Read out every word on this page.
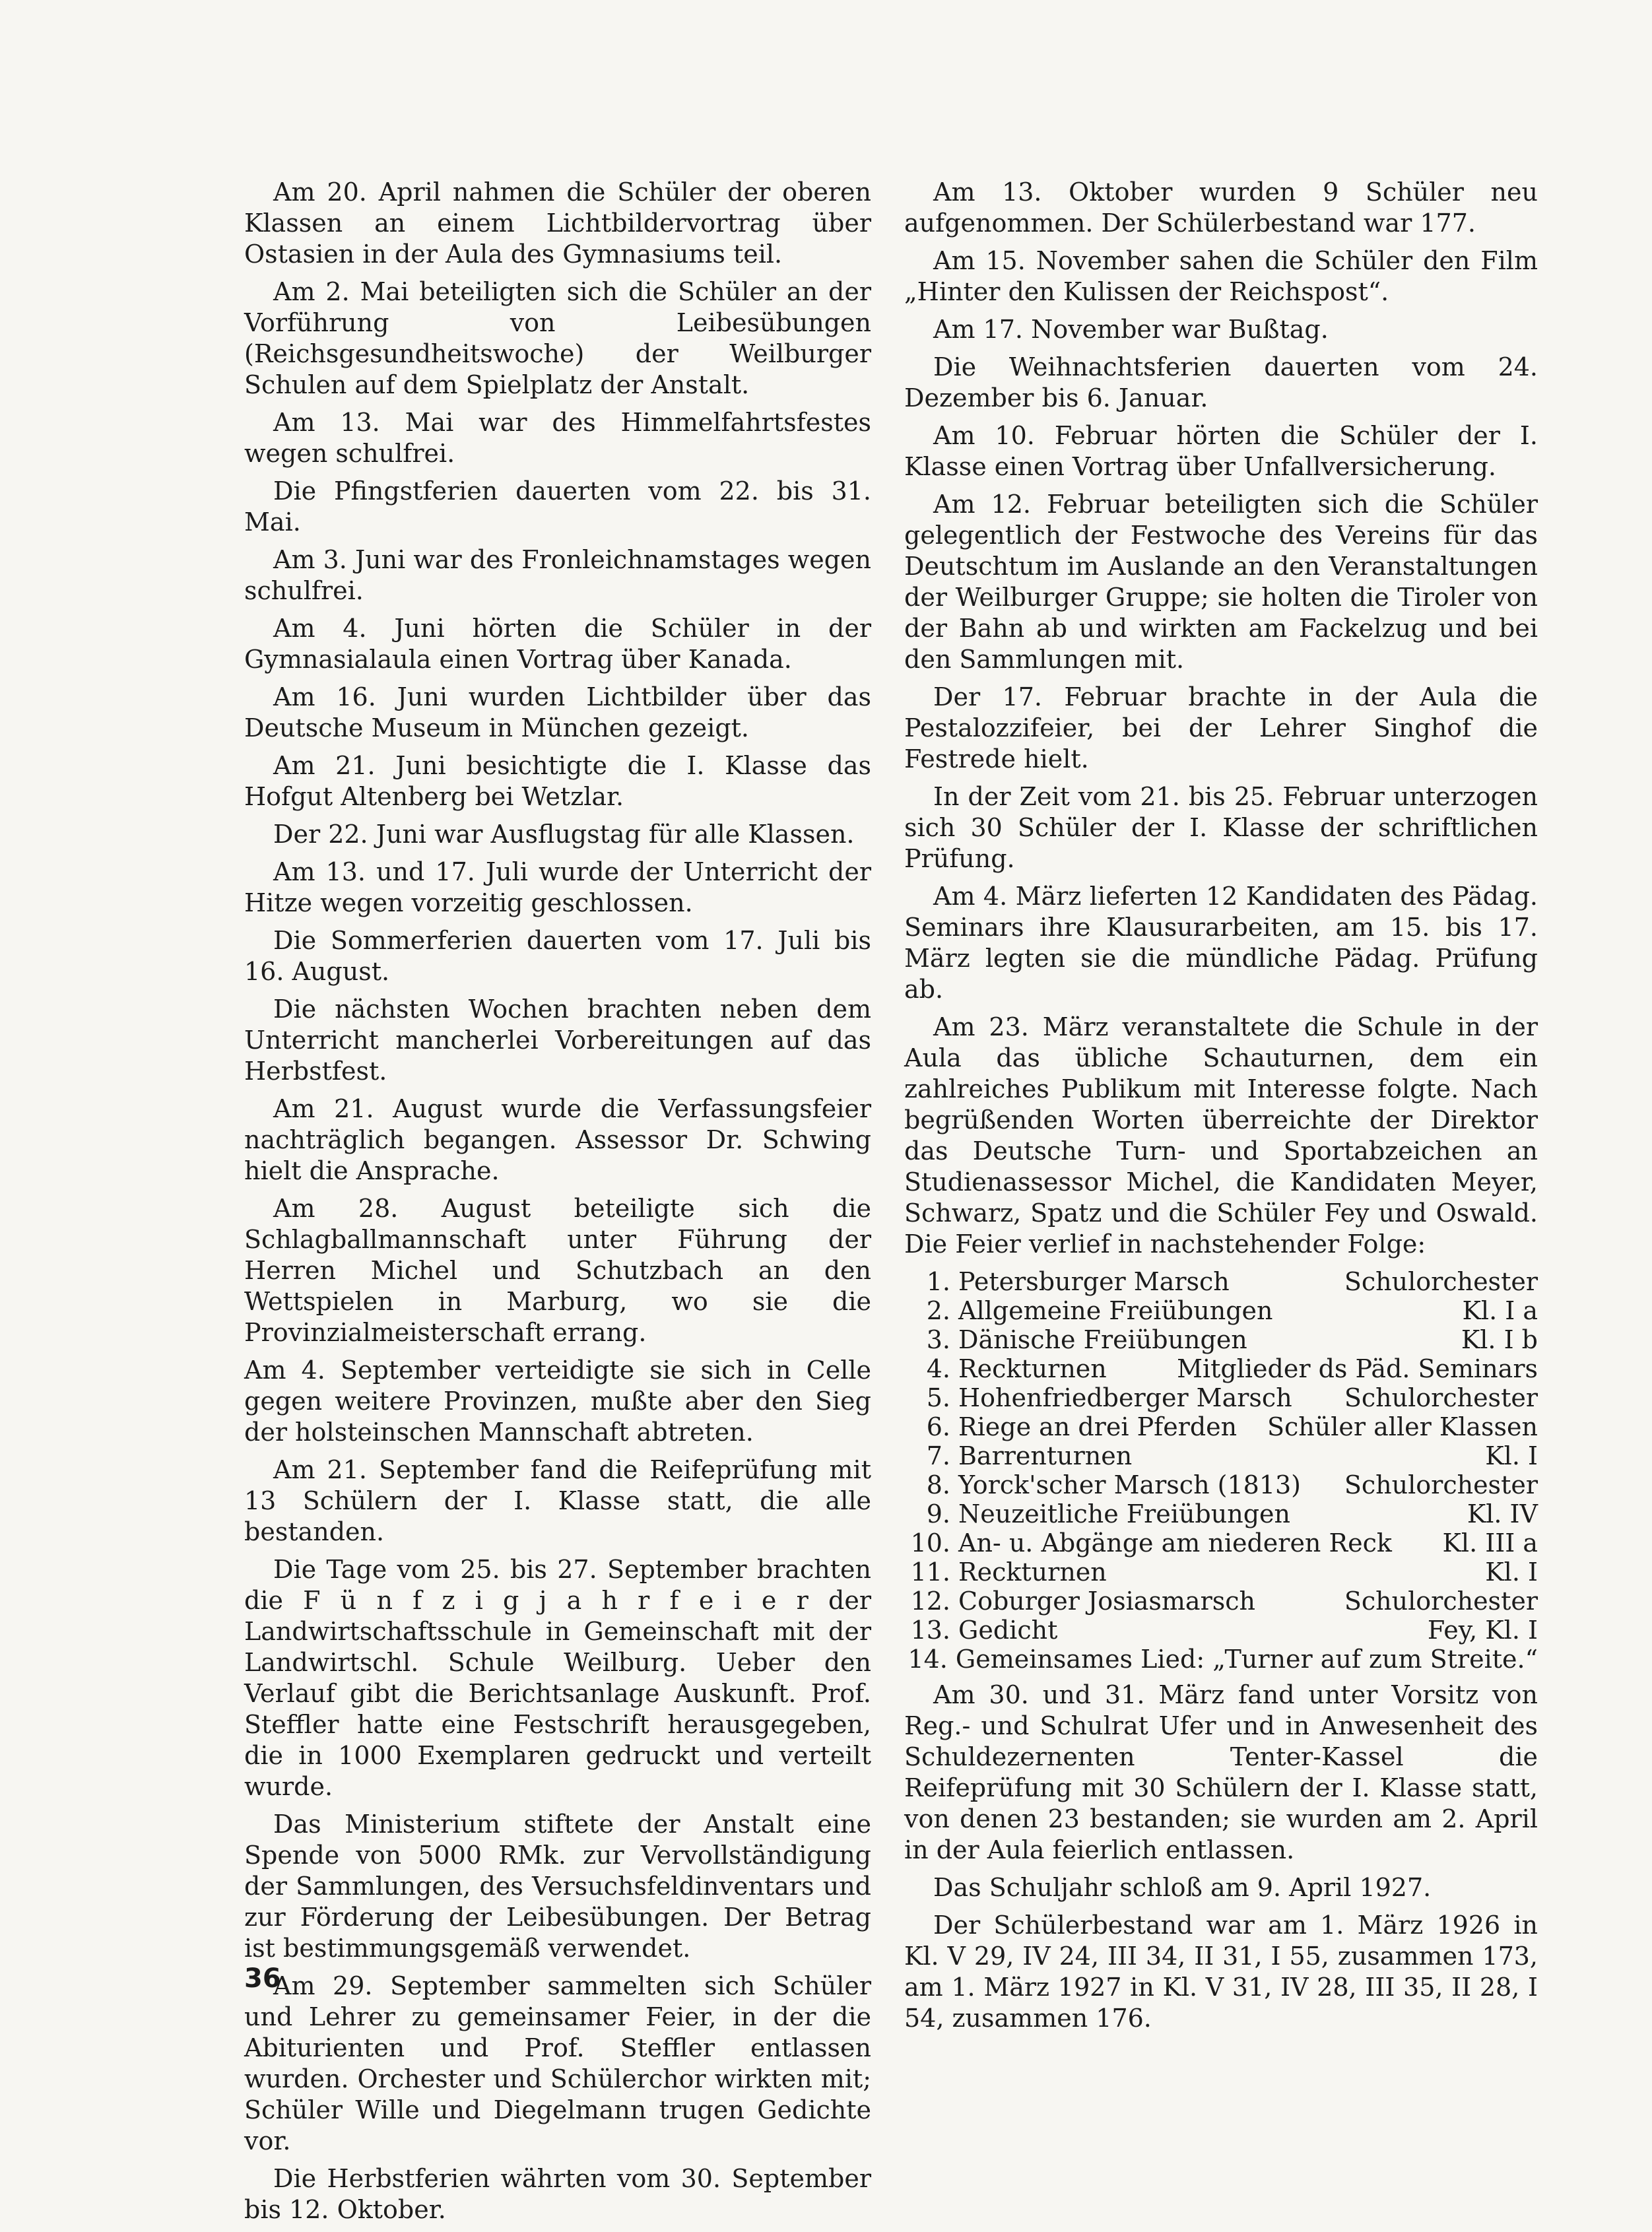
Am 20. April nahmen die Schüler der oberen Klassen an einem Lichtbildervortrag über Ostasien in der Aula des Gymnasiums teil.

Am 2. Mai beteiligten sich die Schüler an der Vorführung von Leibesübungen (Reichsgesundheitswoche) der Weilburger Schulen auf dem Spielplatz der Anstalt.

Am 13. Mai war des Himmelfahrtsfestes wegen schulfrei.

Die Pfingstferien dauerten vom 22. bis 31. Mai.

Am 3. Juni war des Fronleichnamstages wegen schulfrei.

Am 4. Juni hörten die Schüler in der Gymnasialaula einen Vortrag über Kanada.

Am 16. Juni wurden Lichtbilder über das Deutsche Museum in München gezeigt.

Am 21. Juni besichtigte die I. Klasse das Hofgut Altenberg bei Wetzlar.

Der 22. Juni war Ausflugstag für alle Klassen.

Am 13. und 17. Juli wurde der Unterricht der Hitze wegen vorzeitig geschlossen.

Die Sommerferien dauerten vom 17. Juli bis 16. August.

Die nächsten Wochen brachten neben dem Unterricht mancherlei Vorbereitungen auf das Herbstfest.

Am 21. August wurde die Verfassungsfeier nachträglich begangen. Assessor Dr. Schwing hielt die Ansprache.

Am 28. August beteiligte sich die Schlagballmannschaft unter Führung der Herren Michel und Schutzbach an den Wettspielen in Marburg, wo sie die Provinzialmeisterschaft errang.

Am 4. September verteidigte sie sich in Celle gegen weitere Provinzen, mußte aber den Sieg der holsteinschen Mannschaft abtreten.

Am 21. September fand die Reifeprüfung mit 13 Schülern der I. Klasse statt, die alle bestanden.

Die Tage vom 25. bis 27. September brachten die F ü n f z i g j a h r f e i e r der Landwirtschaftsschule in Gemeinschaft mit der Landwirtschl. Schule Weilburg. Ueber den Verlauf gibt die Berichtsanlage Auskunft. Prof. Steffler hatte eine Festschrift herausgegeben, die in 1000 Exemplaren gedruckt und verteilt wurde.

Das Ministerium stiftete der Anstalt eine Spende von 5000 RMk. zur Vervollständigung der Sammlungen, des Versuchsfeldinventars und zur Förderung der Leibesübungen. Der Betrag ist bestimmungsgemäß verwendet.

Am 29. September sammelten sich Schüler und Lehrer zu gemeinsamer Feier, in der die Abiturienten und Prof. Steffler entlassen wurden. Orchester und Schülerchor wirkten mit; Schüler Wille und Diegelmann trugen Gedichte vor.

Die Herbstferien währten vom 30. September bis 12. Oktober.

Am 13. Oktober wurden 9 Schüler neu aufgenommen. Der Schülerbestand war 177.

Am 15. November sahen die Schüler den Film „Hinter den Kulissen der Reichspost“.

Am 17. November war Bußtag.

Die Weihnachtsferien dauerten vom 24. Dezember bis 6. Januar.

Am 10. Februar hörten die Schüler der I. Klasse einen Vortrag über Unfallversicherung.

Am 12. Februar beteiligten sich die Schüler gelegentlich der Festwoche des Vereins für das Deutschtum im Auslande an den Veranstaltungen der Weilburger Gruppe; sie holten die Tiroler von der Bahn ab und wirkten am Fackelzug und bei den Sammlungen mit.

Der 17. Februar brachte in der Aula die Pestalozzifeier, bei der Lehrer Singhof die Festrede hielt.

In der Zeit vom 21. bis 25. Februar unterzogen sich 30 Schüler der I. Klasse der schriftlichen Prüfung.

Am 4. März lieferten 12 Kandidaten des Pädag. Seminars ihre Klausurarbeiten, am 15. bis 17. März legten sie die mündliche Pädag. Prüfung ab.

Am 23. März veranstaltete die Schule in der Aula das übliche Schauturnen, dem ein zahlreiches Publikum mit Interesse folgte. Nach begrüßenden Worten überreichte der Direktor das Deutsche Turn- und Sportabzeichen an Studienassessor Michel, die Kandidaten Meyer, Schwarz, Spatz und die Schüler Fey und Oswald. Die Feier verlief in nachstehender Folge:

1. Petersburger Marsch	Schulorchester
2. Allgemeine Freiübungen	Kl. I a
3. Dänische Freiübungen	Kl. I b
4. Reckturnen	Mitglieder ds Päd. Seminars
5. Hohenfriedberger Marsch	Schulorchester
6. Riege an drei Pferden	Schüler aller Klassen
7. Barrenturnen	Kl. I
8. Yorck'scher Marsch (1813)	Schulorchester
9. Neuzeitliche Freiübungen	Kl. IV
10. An- u. Abgänge am niederen Reck	Kl. III a
11. Reckturnen	Kl. I
12. Coburger Josiasmarsch	Schulorchester
13. Gedicht	Fey, Kl. I
14. Gemeinsames Lied: „Turner auf zum Streite.“

Am 30. und 31. März fand unter Vorsitz von Reg.- und Schulrat Ufer und in Anwesenheit des Schuldezernenten Tenter-Kassel die Reifeprüfung mit 30 Schülern der I. Klasse statt, von denen 23 bestanden; sie wurden am 2. April in der Aula feierlich entlassen.

Das Schuljahr schloß am 9. April 1927.

Der Schülerbestand war am 1. März 1926 in Kl. V 29, IV 24, III 34, II 31, I 55, zusammen 173, am 1. März 1927 in Kl. V 31, IV 28, III 35, II 28, I 54, zusammen 176.

36
